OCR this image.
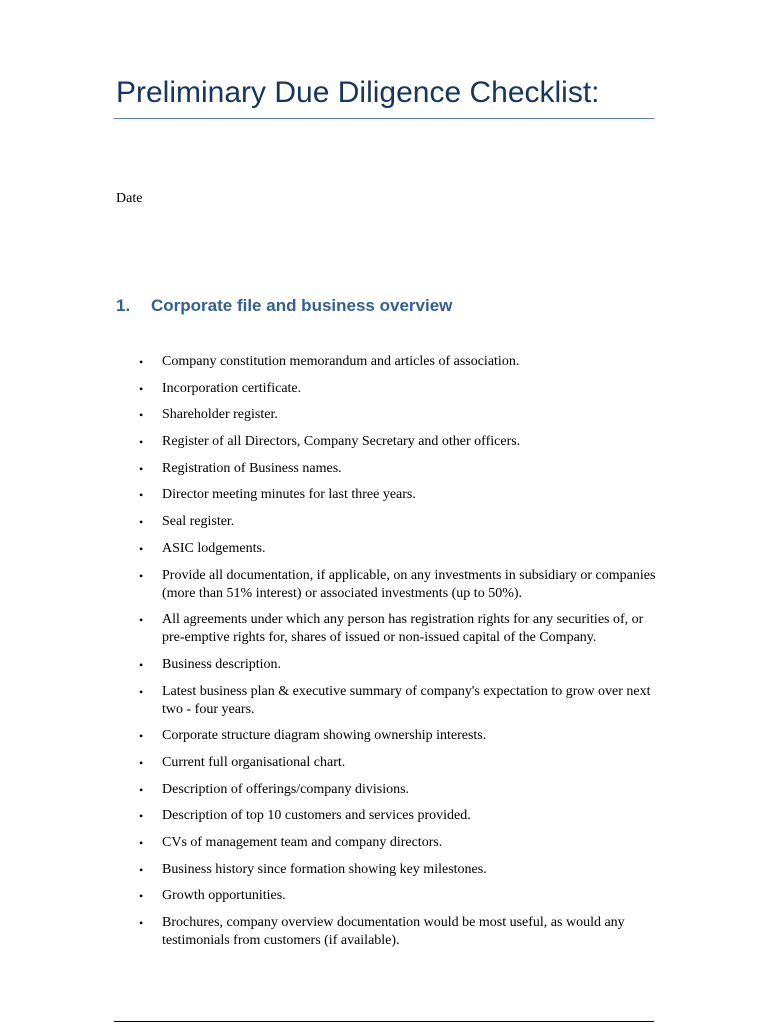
Preliminary Due Diligence Checklist:
Date
1. Corporate file and business overview
• Company constitution memorandum and articles of association.
• Incorporation certificate.
• Shareholder register.
• Register of all Directors, Company Secretary and other officers.
• Registration of Business names.
• Director meeting minutes for last three years.
• Seal register.
• ASIC lodgements.
• Provide all documentation, if applicable, on any investments in subsidiary or companies (more than 51% interest) or associated investments (up to 50%).
• All agreements under which any person has registration rights for any securities of, or pre-emptive rights for, shares of issued or non-issued capital of the Company.
• Business description.
• Latest business plan & executive summary of company's expectation to grow over next two - four years.
• Corporate structure diagram showing ownership interests.
• Current full organisational chart.
• Description of offerings/company divisions.
• Description of top 10 customers and services provided.
• CVs of management team and company directors.
• Business history since formation showing key milestones.
• Growth opportunities.
• Brochures, company overview documentation would be most useful, as would any testimonials from customers (if available).
